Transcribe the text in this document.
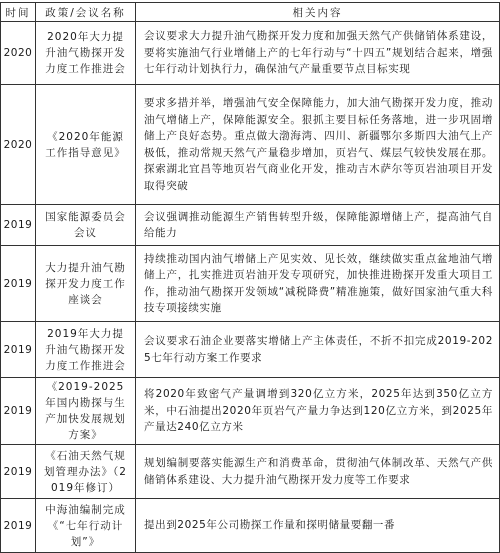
时间	政策/会议名称	相关内容
2020	2020年大力提升油气勘探开发力度工作推进会	会议要求大力提升油气勘探开发力度和加强天然气产供储销体系建设，要将实施油气行业增储上产的七年行动与“十四五”规划结合起来，增强七年行动计划执行力，确保油气产量重要节点目标实现
2020	《2020年能源工作指导意见》	要求多措并举，增强油气安全保障能力，加大油气勘探开发力度，推动油气增储上产，保障能源安全。狠抓主要目标任务落地，进一步巩固增储上产良好态势。重点做大渤海湾、四川、新疆鄂尔多斯四大油气上产极低，推动常规天然气产量稳步增加，页岩气、煤层气较快发展在那。探索湖北宜昌等地页岩气商业化开发，推动吉木萨尔等页岩油项目开发取得突破
2019	国家能源委员会会议	会议强调推动能源生产销售转型升级，保障能源增储上产，提高油气自给能力
2019	大力提升油气勘探开发力度工作座谈会	持续推动国内油气增储上产见实效、见长效，继续做实重点盆地油气增储上产，扎实推进页岩油开发专项研究，加快推进勘探开发重大项目工作，推动油气勘探开发领域“减税降费”精准施策，做好国家油气重大科技专项接续实施
2019	2019年大力提升油气勘探开发力度工作推进会	会议要求石油企业要落实增储上产主体责任，不折不扣完成2019-2025七年行动方案工作要求
2019	《2019-2025年国内勘探与生产加快发展规划方案》	将2020年致密气产量调增到320亿立方米，2025年达到350亿立方米，中石油提出2020年页岩气产量力争达到120亿立方米，到2025年产量达240亿立方米
2019	《石油天然气规划管理办法》（2019年修订）	规划编制要落实能源生产和消费革命，贯彻油气体制改革、天然气产供储销体系建设、大力提升油气勘探开发力度等工作要求
2019	中海油编制完成《“七年行动计划”》	提出到2025年公司勘探工作量和探明储量要翻一番
